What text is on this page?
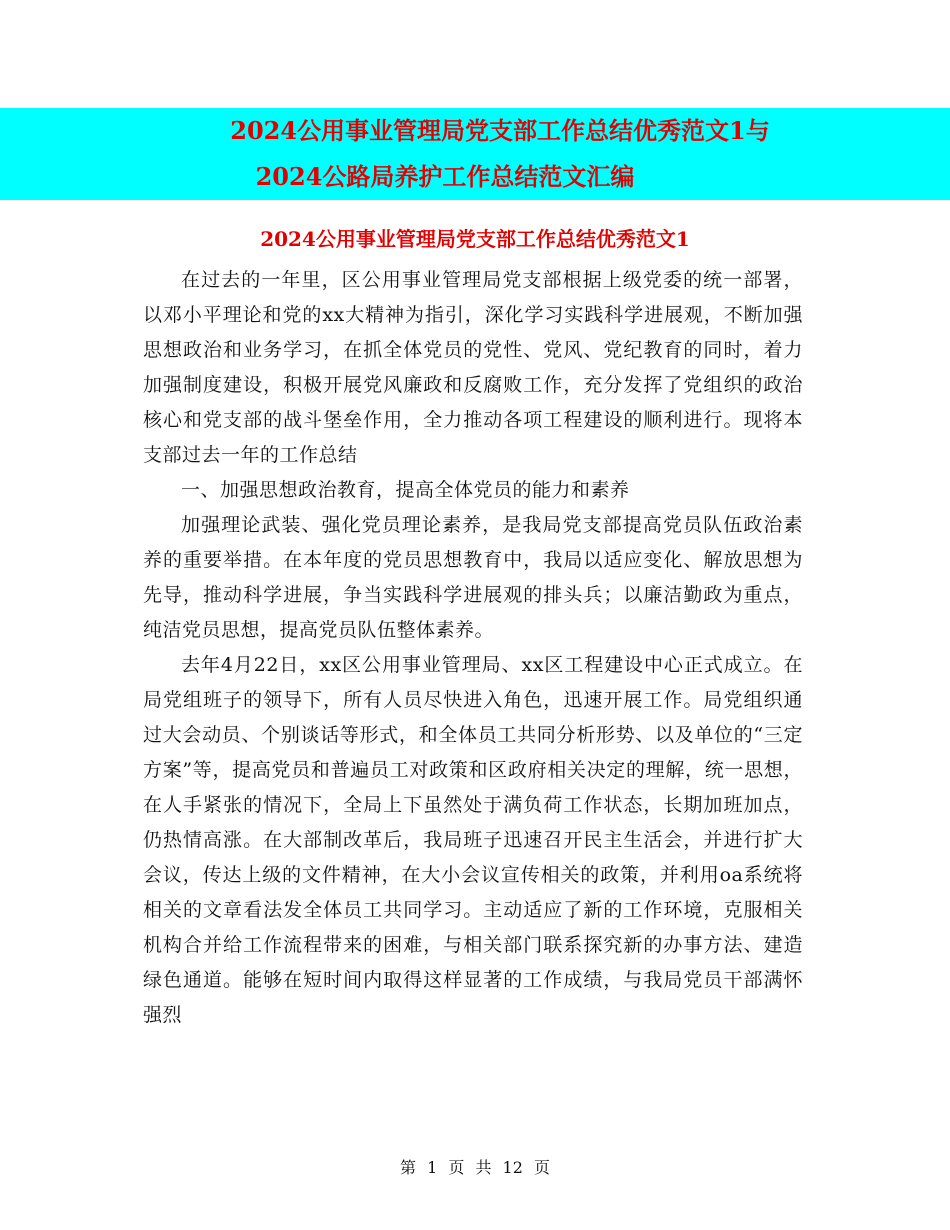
2024公用事业管理局党支部工作总结优秀范文1与
2024公路局养护工作总结范文汇编
2024公用事业管理局党支部工作总结优秀范文1

在过去的一年里，区公用事业管理局党支部根据上级党委的统一部署，以邓小平理论和党的xx大精神为指引，深化学习实践科学进展观，不断加强思想政治和业务学习，在抓全体党员的党性、党风、党纪教育的同时，着力加强制度建设，积极开展党风廉政和反腐败工作，充分发挥了党组织的政治核心和党支部的战斗堡垒作用，全力推动各项工程建设的顺利进行。现将本支部过去一年的工作总结

一、加强思想政治教育，提高全体党员的能力和素养

加强理论武装、强化党员理论素养，是我局党支部提高党员队伍政治素养的重要举措。在本年度的党员思想教育中，我局以适应变化、解放思想为先导，推动科学进展，争当实践科学进展观的排头兵；以廉洁勤政为重点，纯洁党员思想，提高党员队伍整体素养。

去年4月22日，xx区公用事业管理局、xx区工程建设中心正式成立。在局党组班子的领导下，所有人员尽快进入角色，迅速开展工作。局党组织通过大会动员、个别谈话等形式，和全体员工共同分析形势、以及单位的“三定方案”等，提高党员和普遍员工对政策和区政府相关决定的理解，统一思想，在人手紧张的情况下，全局上下虽然处于满负荷工作状态，长期加班加点，仍热情高涨。在大部制改革后，我局班子迅速召开民主生活会，并进行扩大会议，传达上级的文件精神，在大小会议宣传相关的政策，并利用oa系统将相关的文章看法发全体员工共同学习。主动适应了新的工作环境，克服相关机构合并给工作流程带来的困难，与相关部门联系探究新的办事方法、建造绿色通道。能够在短时间内取得这样显著的工作成绩，与我局党员干部满怀强烈

第 1 页 共 12 页
